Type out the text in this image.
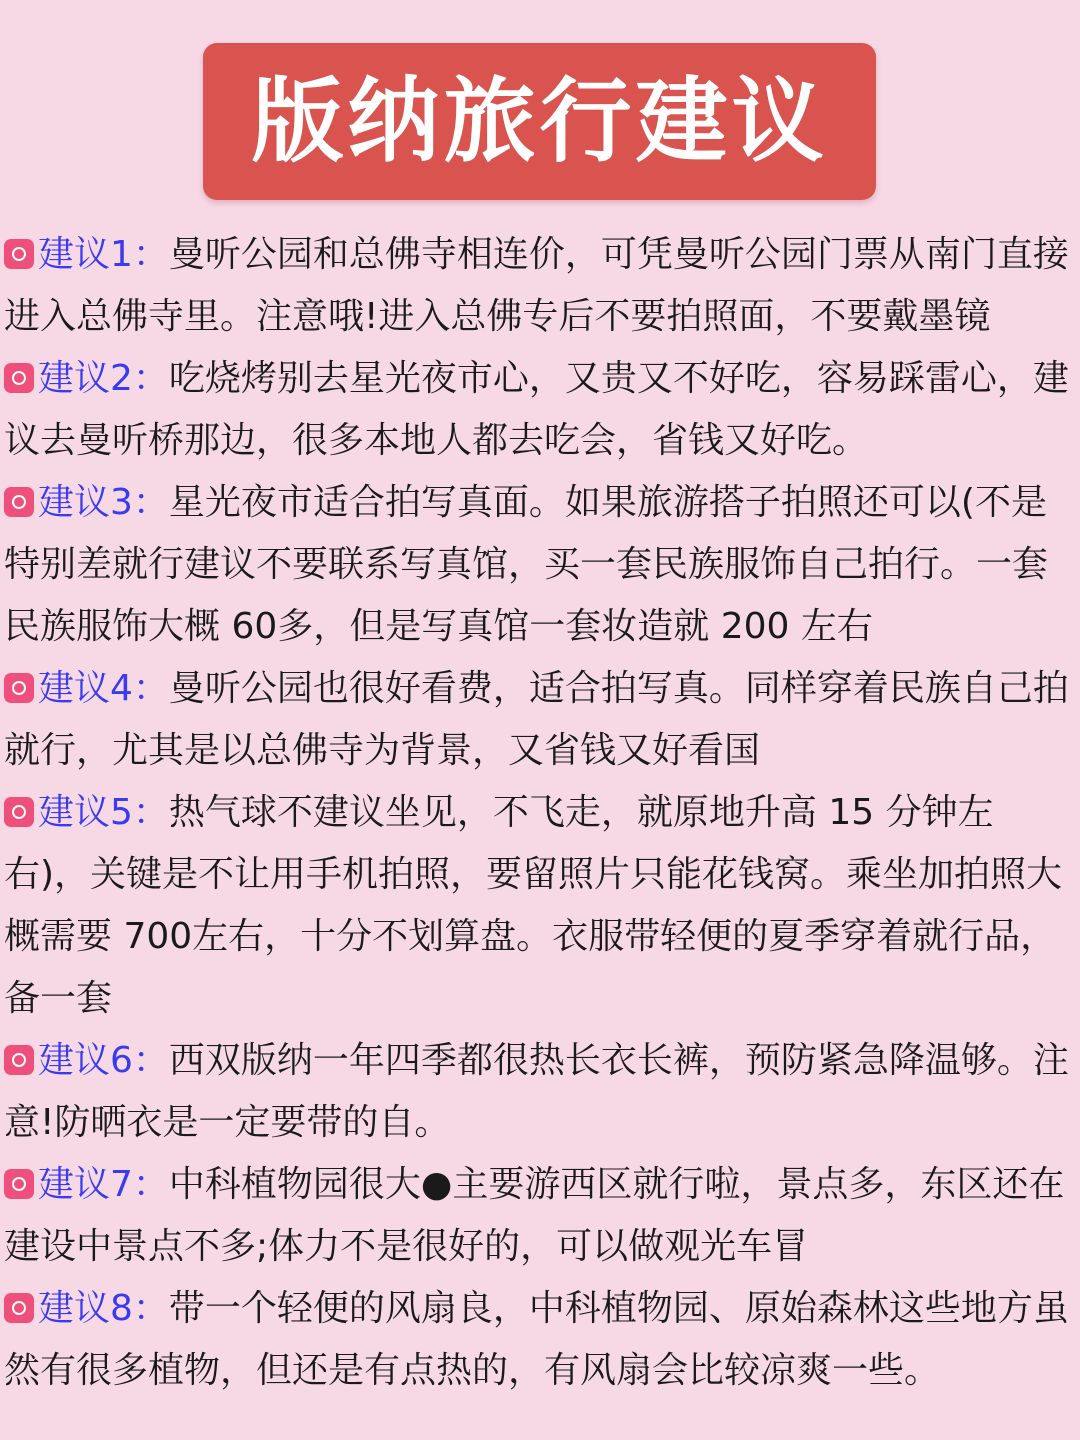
版纳旅行建议
建议1：曼听公园和总佛寺相连价，可凭曼听公园门票从南门直接进入总佛寺里。注意哦!进入总佛专后不要拍照面，不要戴墨镜
建议2：吃烧烤别去星光夜市心，又贵又不好吃，容易踩雷心，建议去曼听桥那边，很多本地人都去吃会，省钱又好吃。
建议3：星光夜市适合拍写真面。如果旅游搭子拍照还可以(不是特别差就行建议不要联系写真馆，买一套民族服饰自己拍行。一套民族服饰大概 60多，但是写真馆一套妆造就 200 左右
建议4：曼听公园也很好看费，适合拍写真。同样穿着民族自己拍就行，尤其是以总佛寺为背景，又省钱又好看国
建议5：热气球不建议坐见，不飞走，就原地升高 15 分钟左右)，关键是不让用手机拍照，要留照片只能花钱窝。乘坐加拍照大概需要 700左右，十分不划算盘。衣服带轻便的夏季穿着就行品，备一套
建议6：西双版纳一年四季都很热长衣长裤，预防紧急降温够。注意!防晒衣是一定要带的自。
建议7：中科植物园很大●主要游西区就行啦，景点多，东区还在建设中景点不多;体力不是很好的，可以做观光车冒
建议8：带一个轻便的风扇良，中科植物园、原始森林这些地方虽然有很多植物，但还是有点热的，有风扇会比较凉爽一些。
